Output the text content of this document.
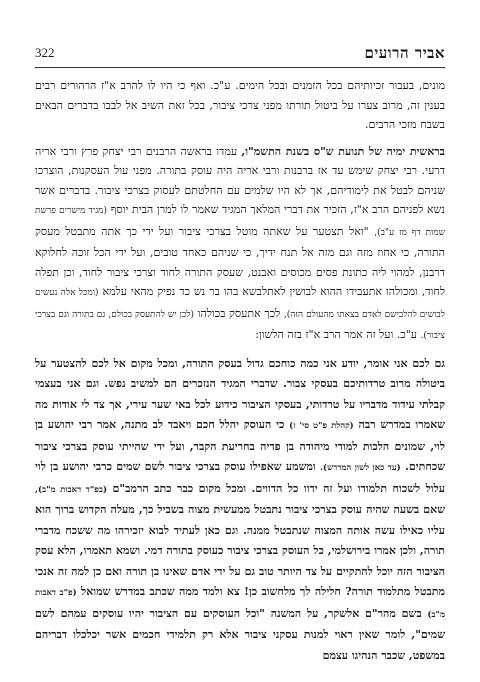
אביר הרועים
322

מונים, בעבור זכיותיהם בכל הזמנים ובכל הימים. ע"כ. ואף כי היו לו להרב א"ז הרהורים רבים בענין זה, מרוב צערו על ביטול תורתו מפני צרכי ציבור, בכל זאת השיב אל לבבו בדברים הבאים בשבח מזכי הרבים.

בראשית ימיה של תנועת ש"ס בשנת התשמ"ו, עמדו בראשה הרבנים רבי יצחק פרץ ורבי אריה דרעי. רבי יצחק שימש עד אז ברבנות ורבי אריה היה עוסק בתורה. מפני עול העסקנות, הוצרכו שניהם לבטל את לימודיהם, אך לא היו שלמים עם החלטתם לעסוק בצרכי ציבור. בדברים אשר נשא לפניהם הרב א"ז, הזכיר את דברי המלאך המגיד שאמר לו למרן הבית יוסף (מגיד מישרים פרשת שמות דף מז ע"ב), "ואל תצטער על שאתה מוטל בצרכי ציבור ועל ידי כך אתה מתבטל מעסק התורה, כי אחוז מזה וגם מזה אל תנח ידיך, כי שניהם כאחד טובים, ועל ידי הכל זוכה לחלוקא דרבנן, למהוי ליה כתונת פסים מכוסים ואבנט, שעסק התורה לחוד וצרכי ציבור לחוד, וכן תפלה לחוד, ומכולהו אתעבידו ההוא לבושין לאתלבשא בהו בר נש כד נפיק מהאי עלמא (ומכל אלה נעשים לבושים להלבישם לאדם בצאתו מהעולם הזה), לכך אתעסק בכולהו (לכן יש להתעסק בכולם, גם בתורה וגם בצרכי ציבור). ע"כ. ועל זה אמר הרב א"ז בזה הלשון:

גם לכם אני אומר, יודע אני כמה כוחכם גדול בעסק התורה, ומכל מקום אל לכם להצטער על ביטולה מרוב טרדותיכם בעסקי צבור. שדברי המגיד הנזכרים הם למשיב נפש. וגם אני בעצמי קבלתי עידוד מדבריו על טרדותי, בעסקי הציבור כידוע לכל באי שער עירי, אך צד לי אודות מה שאמרו במדרש רבה (קהלת פ"ט סי' ז) כי העוסק יהלל חכם ויאבד לב מתנה, אמר רבי יהושע בן לוי, שמונים הלכות למודי מיהודה בן פדיה בחריעת הקבר, ועל ידי שהייתי עוסק בצרכי ציבור שכחתים. (עד כאן לשון המדרש). ומשמע שאפילו עוסק בצרכי ציבור לשם שמים כרבי יהושע בן לוי עלול לשכוח תלמודו ועל זה ידוו כל הדווים. ומכל מקום כבר כתב הרמב"ם (בפ"ד דאבות מ"ב), שאם בשעה שהיה עוסק בצרכי ציבור נתבטל ממעשית מצוה בשביל כך, מעלה הקדוש ברוך הוא עליו כאילו עשה אותה המצוה שנתבטל ממנה. וגם כאן לעתיד לבוא יזכירהו מה ששכח מדברי תורה, ולכן אמרו בירושלמי, כל העוסק בצרכי ציבור כעוסק בתורה דמי. ושמא תאמרו, הלא עסק הציבור הזה יוכל להתקיים על צד היותר טוב גם על ידי אדם שאינו בן תורה ואם כן למה זה אנכי מתבטל מתלמוד תורה? חלילה לך מלחשוב כן! צא ולמד ממה שכתב במדרש שמואל (פ"ב דאבות מ"ב) בשם מהר"ם אלשקר, על המשנה "וכל העוסקים עם הציבור יהיו עוסקים עמהם לשם שמים", לומר שאין ראוי למנות עסקני ציבור אלא רק תלמידי חכמים אשר יכלכלו דבריהם במשפט, שכבר הנהיגו עצמם
